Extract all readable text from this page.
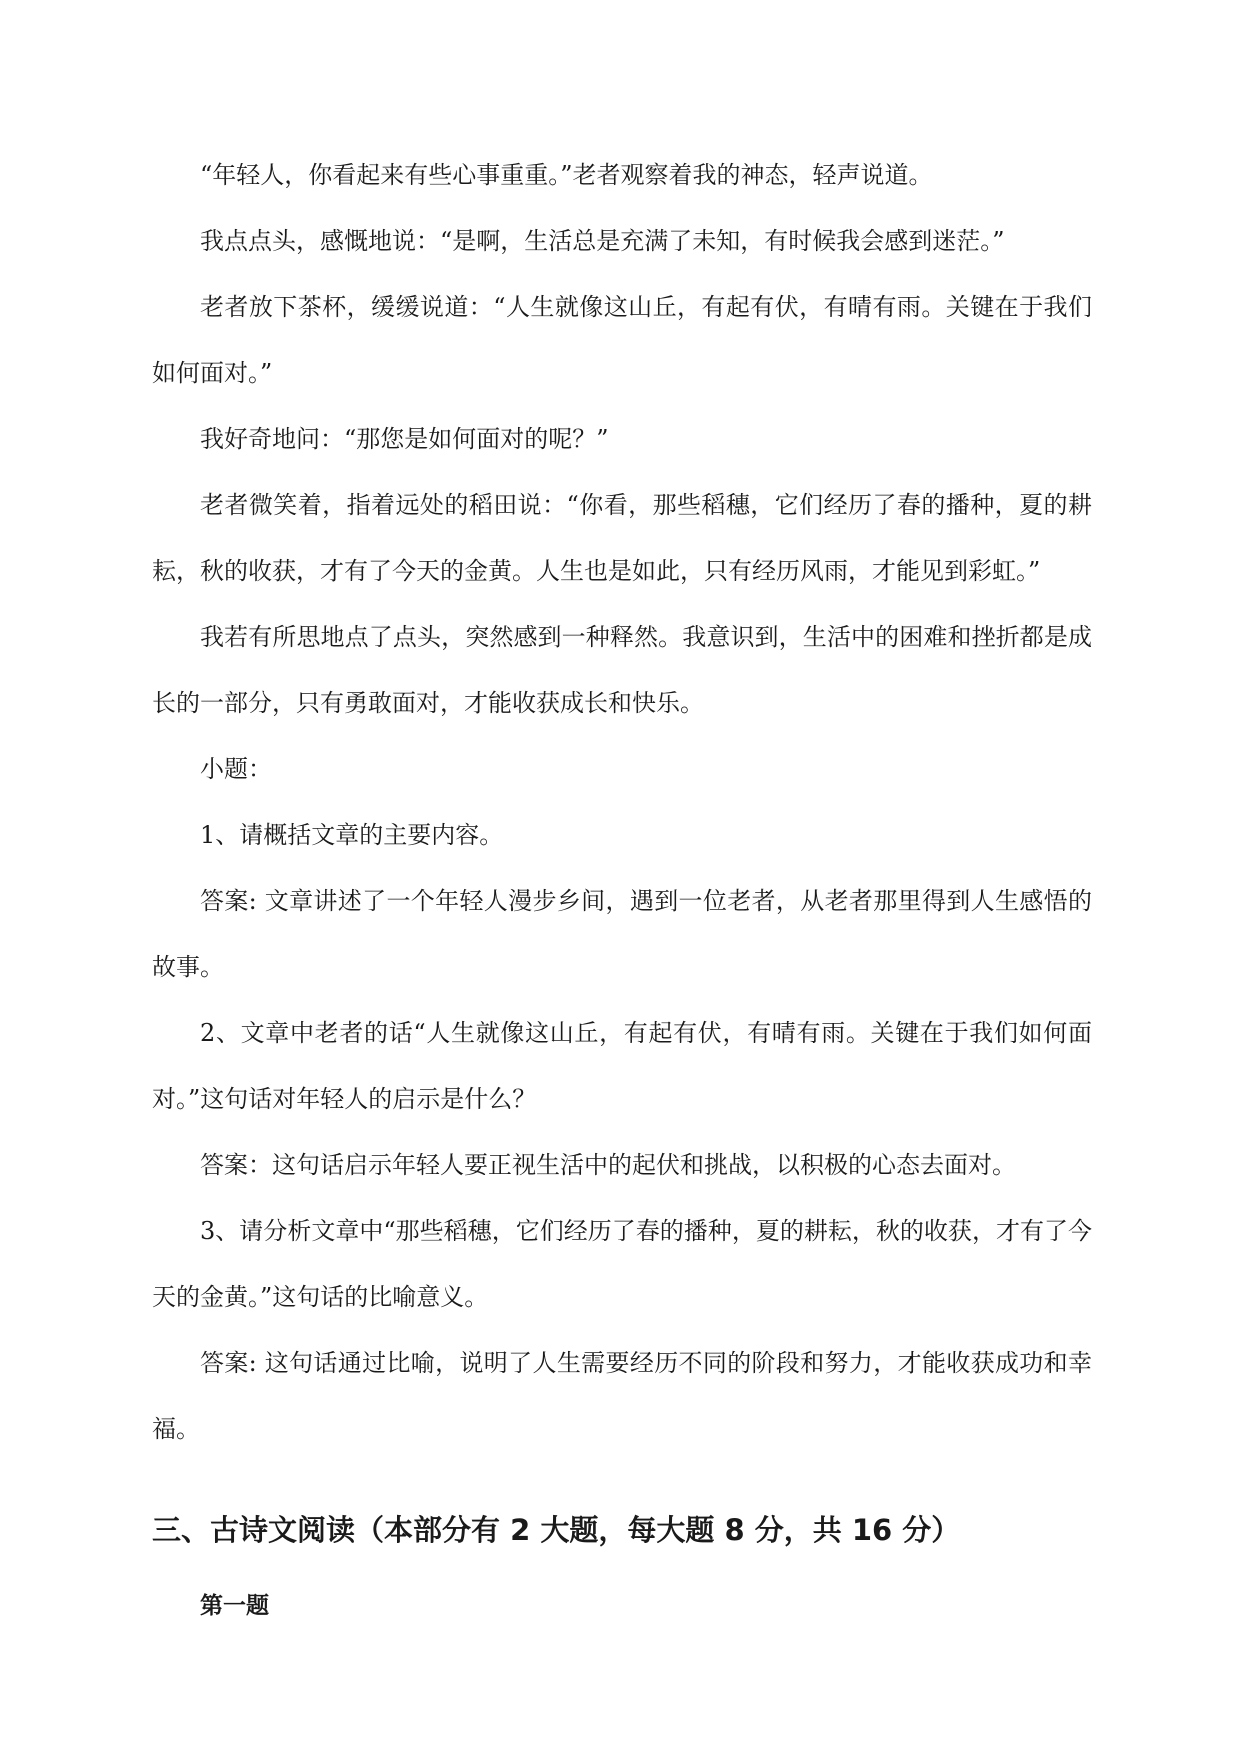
“年轻人，你看起来有些心事重重。”老者观察着我的神态，轻声说道。

我点点头，感慨地说：“是啊，生活总是充满了未知，有时候我会感到迷茫。”

老者放下茶杯，缓缓说道：“人生就像这山丘，有起有伏，有晴有雨。关键在于我们如何面对。”

我好奇地问：“那您是如何面对的呢？”

老者微笑着，指着远处的稻田说：“你看，那些稻穗，它们经历了春的播种，夏的耕耘，秋的收获，才有了今天的金黄。人生也是如此，只有经历风雨，才能见到彩虹。”

我若有所思地点了点头，突然感到一种释然。我意识到，生活中的困难和挫折都是成长的一部分，只有勇敢面对，才能收获成长和快乐。

小题：

1、请概括文章的主要内容。

答案: 文章讲述了一个年轻人漫步乡间，遇到一位老者，从老者那里得到人生感悟的故事。

2、文章中老者的话“人生就像这山丘，有起有伏，有晴有雨。关键在于我们如何面对。”这句话对年轻人的启示是什么？

答案：这句话启示年轻人要正视生活中的起伏和挑战，以积极的心态去面对。

3、请分析文章中“那些稻穗，它们经历了春的播种，夏的耕耘，秋的收获，才有了今天的金黄。”这句话的比喻意义。

答案: 这句话通过比喻，说明了人生需要经历不同的阶段和努力，才能收获成功和幸福。

三、古诗文阅读（本部分有 2 大题，每大题 8 分，共 16 分）
第一题
